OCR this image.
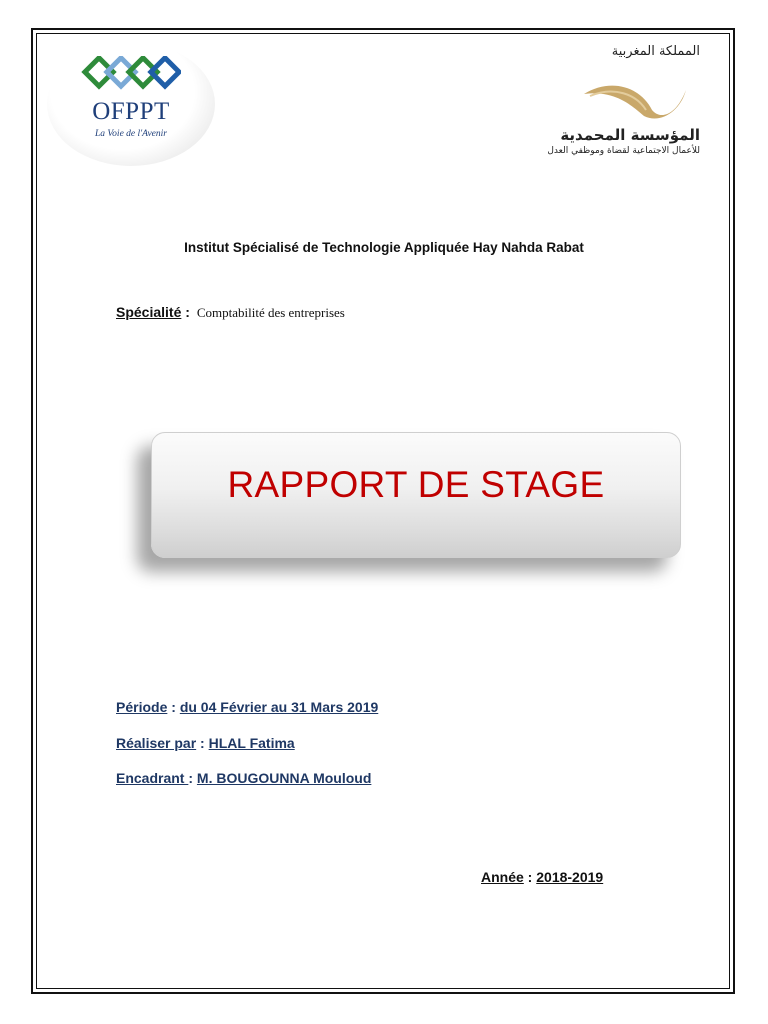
OFPPT
La Voie de l'Avenir
المملكة المغربية
المؤسسة المحمدية
للأعمال الاجتماعية لقضاة وموظفي العدل
Institut Spécialisé de Technologie Appliquée Hay Nahda Rabat
Spécialité : Comptabilité des entreprises
RAPPORT DE STAGE
Période : du 04 Février au 31 Mars 2019
Réaliser par : HLAL Fatima
Encadrant : M. BOUGOUNNA Mouloud
Année : 2018-2019
